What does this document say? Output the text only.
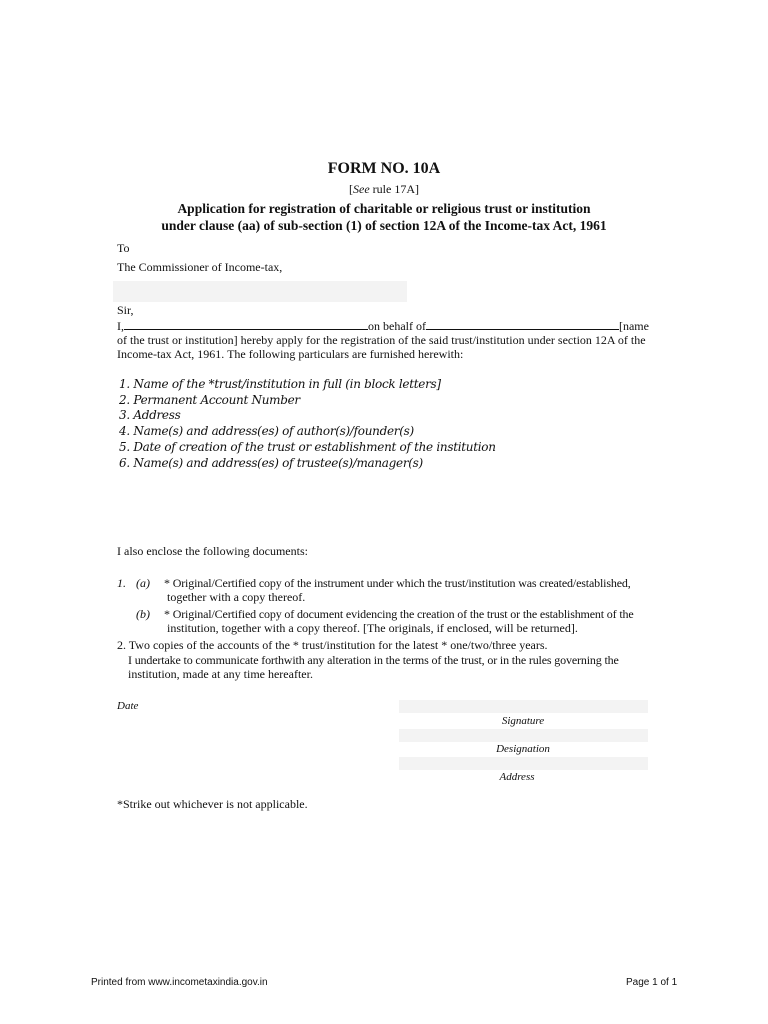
FORM NO. 10A
[See rule 17A]
Application for registration of charitable or religious trust or institution
under clause (aa) of sub-section (1) of section 12A of the Income-tax Act, 1961
To
The Commissioner of Income-tax,
Sir,
I,	on behalf of	[name
of the trust or institution] hereby apply for the registration of the said trust/institution under section 12A of the
Income-tax Act, 1961. The following particulars are furnished herewith:
1. Name of the *trust/institution in full (in block letters]
2. Permanent Account Number
3. Address
4. Name(s) and address(es) of author(s)/founder(s)
5. Date of creation of the trust or establishment of the institution
6. Name(s) and address(es) of trustee(s)/manager(s)
I also enclose the following documents:
1. (a) * Original/Certified copy of the instrument under which the trust/institution was created/established,
together with a copy thereof.
(b) * Original/Certified copy of document evidencing the creation of the trust or the establishment of the
institution, together with a copy thereof. [The originals, if enclosed, will be returned].
2. Two copies of the accounts of the * trust/institution for the latest * one/two/three years.
I undertake to communicate forthwith any alteration in the terms of the trust, or in the rules governing the
institution, made at any time hereafter.
Date
Signature
Designation
Address
*Strike out whichever is not applicable.
Printed from www.incometaxindia.gov.in	Page 1 of 1
